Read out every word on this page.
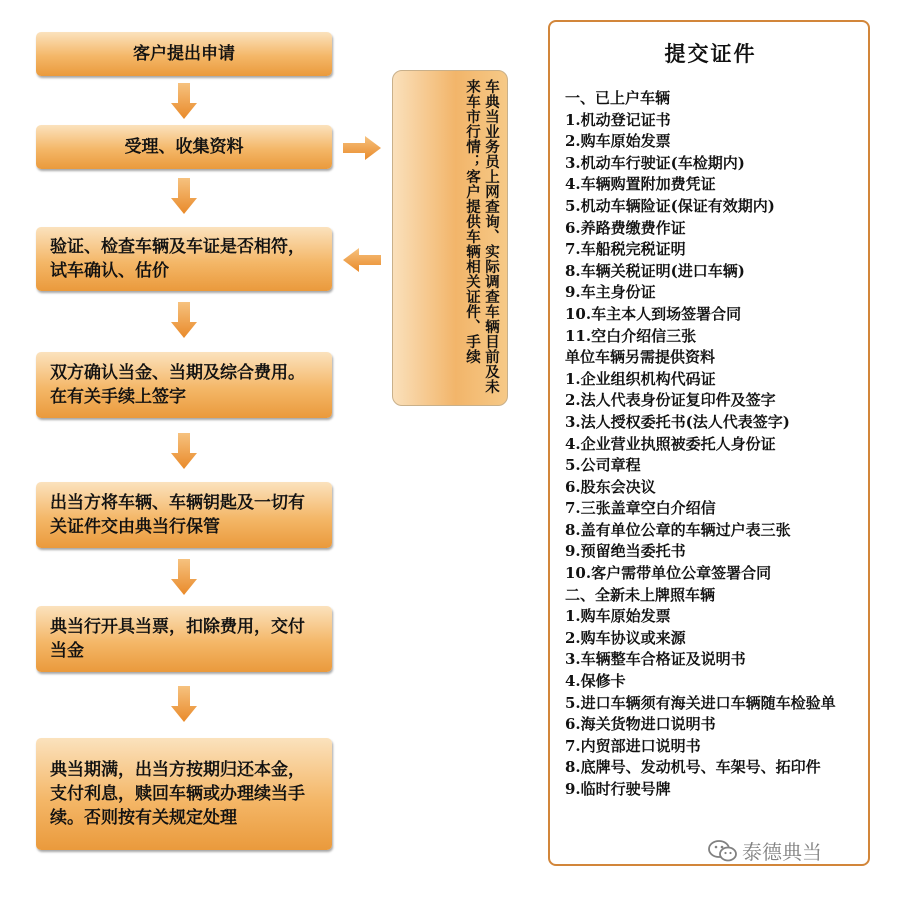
客户提出申请
受理、收集资料
验证、检查车辆及车证是否相符，试车确认、估价
双方确认当金、当期及综合费用。在有关手续上签字
出当方将车辆、车辆钥匙及一切有关证件交由典当行保管
典当行开具当票，扣除费用，交付当金
典当期满，出当方按期归还本金，支付利息，赎回车辆或办理续当手续。否则按有关规定处理
车典当业务员上网查询、实际调查车辆目前及未来车市行情；客户提供车辆相关证件、手续
提交证件
一、已上户车辆
1.机动登记证书
2.购车原始发票
3.机动车行驶证(车检期内)
4.车辆购置附加费凭证
5.机动车辆险证(保证有效期内)
6.养路费缴费作证
7.车船税完税证明
8.车辆关税证明(进口车辆)
9.车主身份证
10.车主本人到场签署合同
11.空白介绍信三张
单位车辆另需提供资料
1.企业组织机构代码证
2.法人代表身份证复印件及签字
3.法人授权委托书(法人代表签字)
4.企业营业执照被委托人身份证
5.公司章程
6.股东会决议
7.三张盖章空白介绍信
8.盖有单位公章的车辆过户表三张
9.预留绝当委托书
10.客户需带单位公章签署合同
二、全新未上牌照车辆
1.购车原始发票
2.购车协议或来源
3.车辆整车合格证及说明书
4.保修卡
5.进口车辆须有海关进口车辆随车检验单
6.海关货物进口说明书
7.内贸部进口说明书
8.底牌号、发动机号、车架号、拓印件
9.临时行驶号牌
泰德典当
